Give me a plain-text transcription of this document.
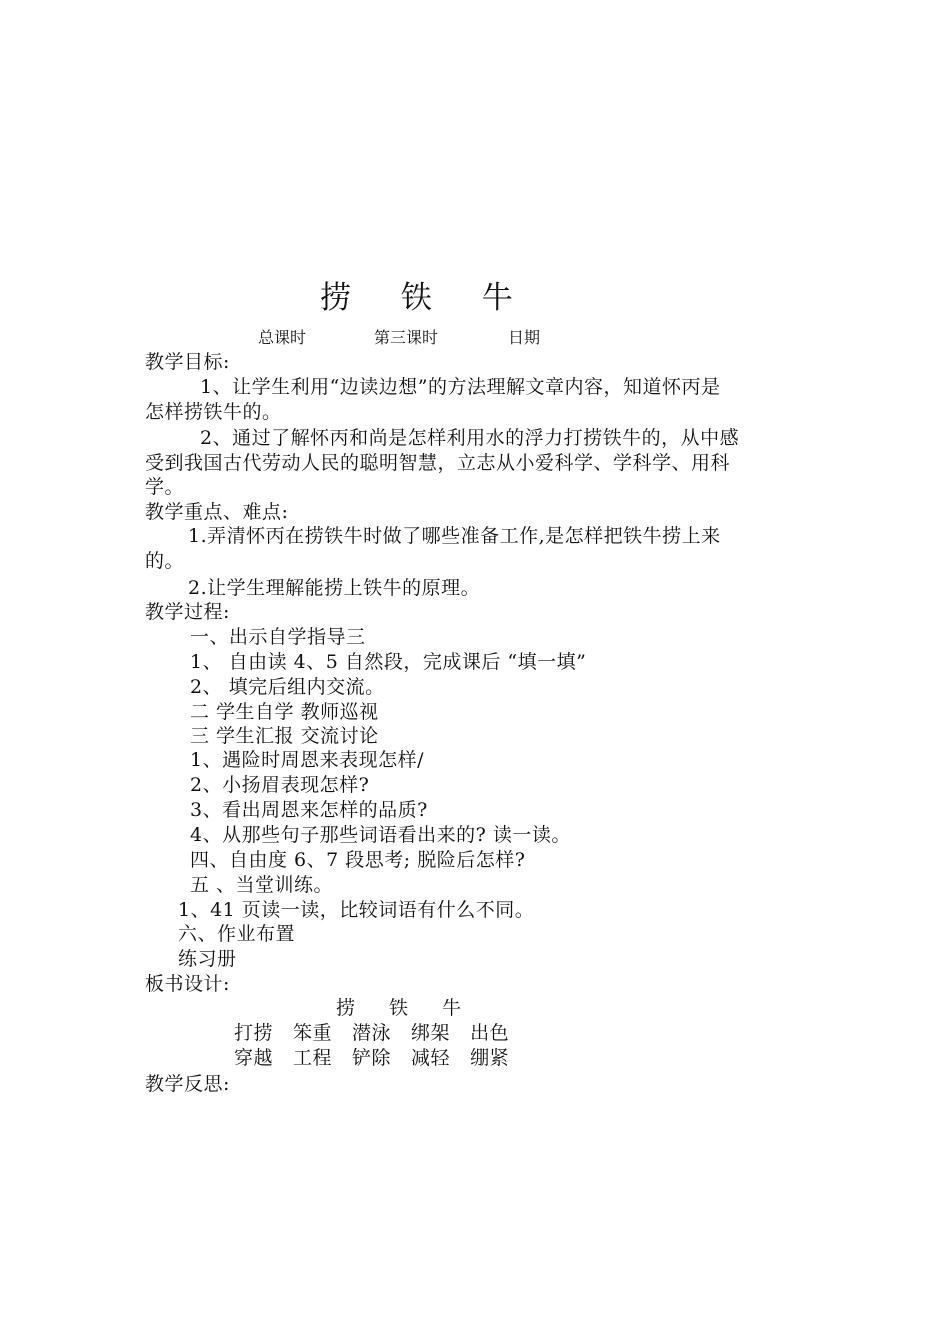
捞 铁 牛
总课时	第三课时	日期
教学目标:
1、让学生利用“边读边想”的方法理解文章内容，知道怀丙是
怎样捞铁牛的。
2、通过了解怀丙和尚是怎样利用水的浮力打捞铁牛的，从中感
受到我国古代劳动人民的聪明智慧，立志从小爱科学、学科学、用科
学。
教学重点、难点:
1.弄清怀丙在捞铁牛时做了哪些准备工作,是怎样把铁牛捞上来
的。
2.让学生理解能捞上铁牛的原理。
教学过程:
一、出示自学指导三
1、 自由读 4、5 自然段，完成课后 “填一填”
2、 填完后组内交流。
二 学生自学 教师巡视
三 学生汇报 交流讨论
1、遇险时周恩来表现怎样/
2、小扬眉表现怎样?
3、看出周恩来怎样的品质?
4、从那些句子那些词语看出来的? 读一读。
四、自由度 6、7 段思考; 脱险后怎样?
五 、当堂训练。
1、41 页读一读，比较词语有什么不同。
六、作业布置
练习册
板书设计:
捞 铁 牛
打捞 笨重 潜泳 绑架 出色
穿越 工程 铲除 减轻 绷紧
教学反思:
